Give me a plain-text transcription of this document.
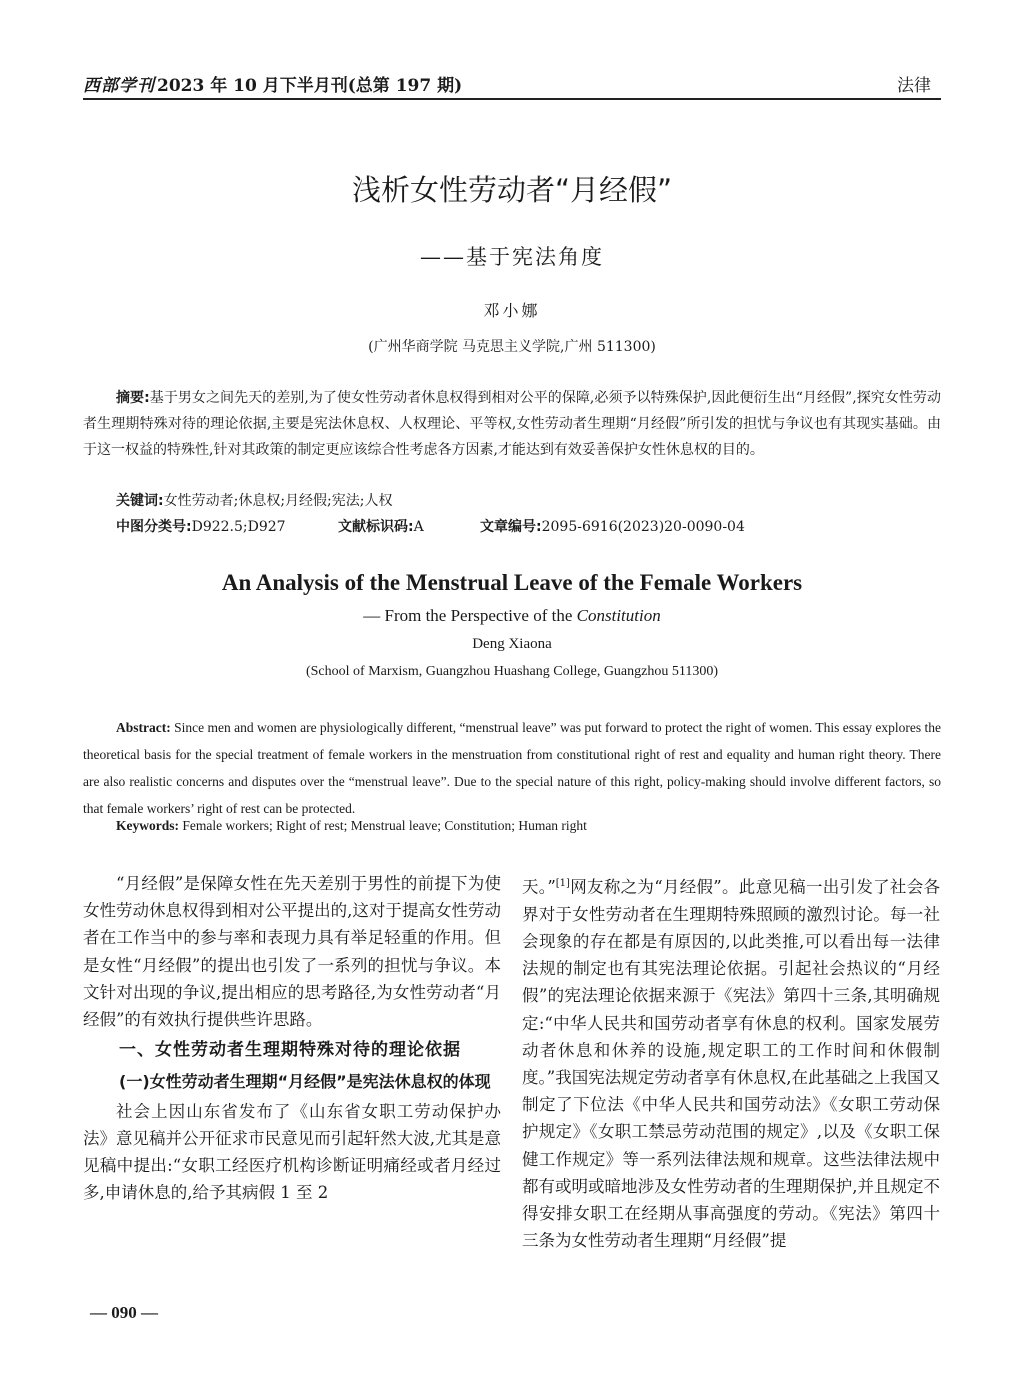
西部学刊 2023 年 10 月下半月刊(总第 197 期)	法律
浅析女性劳动者“月经假”
——基于宪法角度
邓小娜
(广州华商学院 马克思主义学院,广州 511300)
摘要:基于男女之间先天的差别,为了使女性劳动者休息权得到相对公平的保障,必须予以特殊保护,因此便衍生出“月经假”,探究女性劳动者生理期特殊对待的理论依据,主要是宪法休息权、人权理论、平等权,女性劳动者生理期“月经假”所引发的担忧与争议也有其现实基础。由于这一权益的特殊性,针对其政策的制定更应该综合性考虑各方因素,才能达到有效妥善保护女性休息权的目的。
关键词:女性劳动者;休息权;月经假;宪法;人权
中图分类号:D922.5;D927	文献标识码:A	文章编号:2095-6916(2023)20-0090-04
An Analysis of the Menstrual Leave of the Female Workers
— From the Perspective of the Constitution
Deng Xiaona
(School of Marxism, Guangzhou Huashang College, Guangzhou 511300)
Abstract: Since men and women are physiologically different, “menstrual leave” was put forward to protect the right of women. This essay explores the theoretical basis for the special treatment of female workers in the menstruation from constitutional right of rest and equality and human right theory. There are also realistic concerns and disputes over the “menstrual leave”. Due to the special nature of this right, policy-making should involve different factors, so that female workers’ right of rest can be protected.
Keywords: Female workers; Right of rest; Menstrual leave; Constitution; Human right

“月经假”是保障女性在先天差别于男性的前提下为使女性劳动休息权得到相对公平提出的,这对于提高女性劳动者在工作当中的参与率和表现力具有举足轻重的作用。但是女性“月经假”的提出也引发了一系列的担忧与争议。本文针对出现的争议,提出相应的思考路径,为女性劳动者“月经假”的有效执行提供些许思路。

一、女性劳动者生理期特殊对待的理论依据

(一)女性劳动者生理期“月经假”是宪法休息权的体现

社会上因山东省发布了《山东省女职工劳动保护办法》意见稿并公开征求市民意见而引起轩然大波,尤其是意见稿中提出:“女职工经医疗机构诊断证明痛经或者月经过多,申请休息的,给予其病假 1 至 2

天。”[1]网友称之为“月经假”。此意见稿一出引发了社会各界对于女性劳动者在生理期特殊照顾的激烈讨论。每一社会现象的存在都是有原因的,以此类推,可以看出每一法律法规的制定也有其宪法理论依据。引起社会热议的“月经假”的宪法理论依据来源于《宪法》第四十三条,其明确规定:“中华人民共和国劳动者享有休息的权利。国家发展劳动者休息和休养的设施,规定职工的工作时间和休假制度。”我国宪法规定劳动者享有休息权,在此基础之上我国又制定了下位法《中华人民共和国劳动法》《女职工劳动保护规定》《女职工禁忌劳动范围的规定》,以及《女职工保健工作规定》等一系列法律法规和规章。这些法律法规中都有或明或暗地涉及女性劳动者的生理期保护,并且规定不得安排女职工在经期从事高强度的劳动。《宪法》第四十三条为女性劳动者生理期“月经假”提

— 090 —
